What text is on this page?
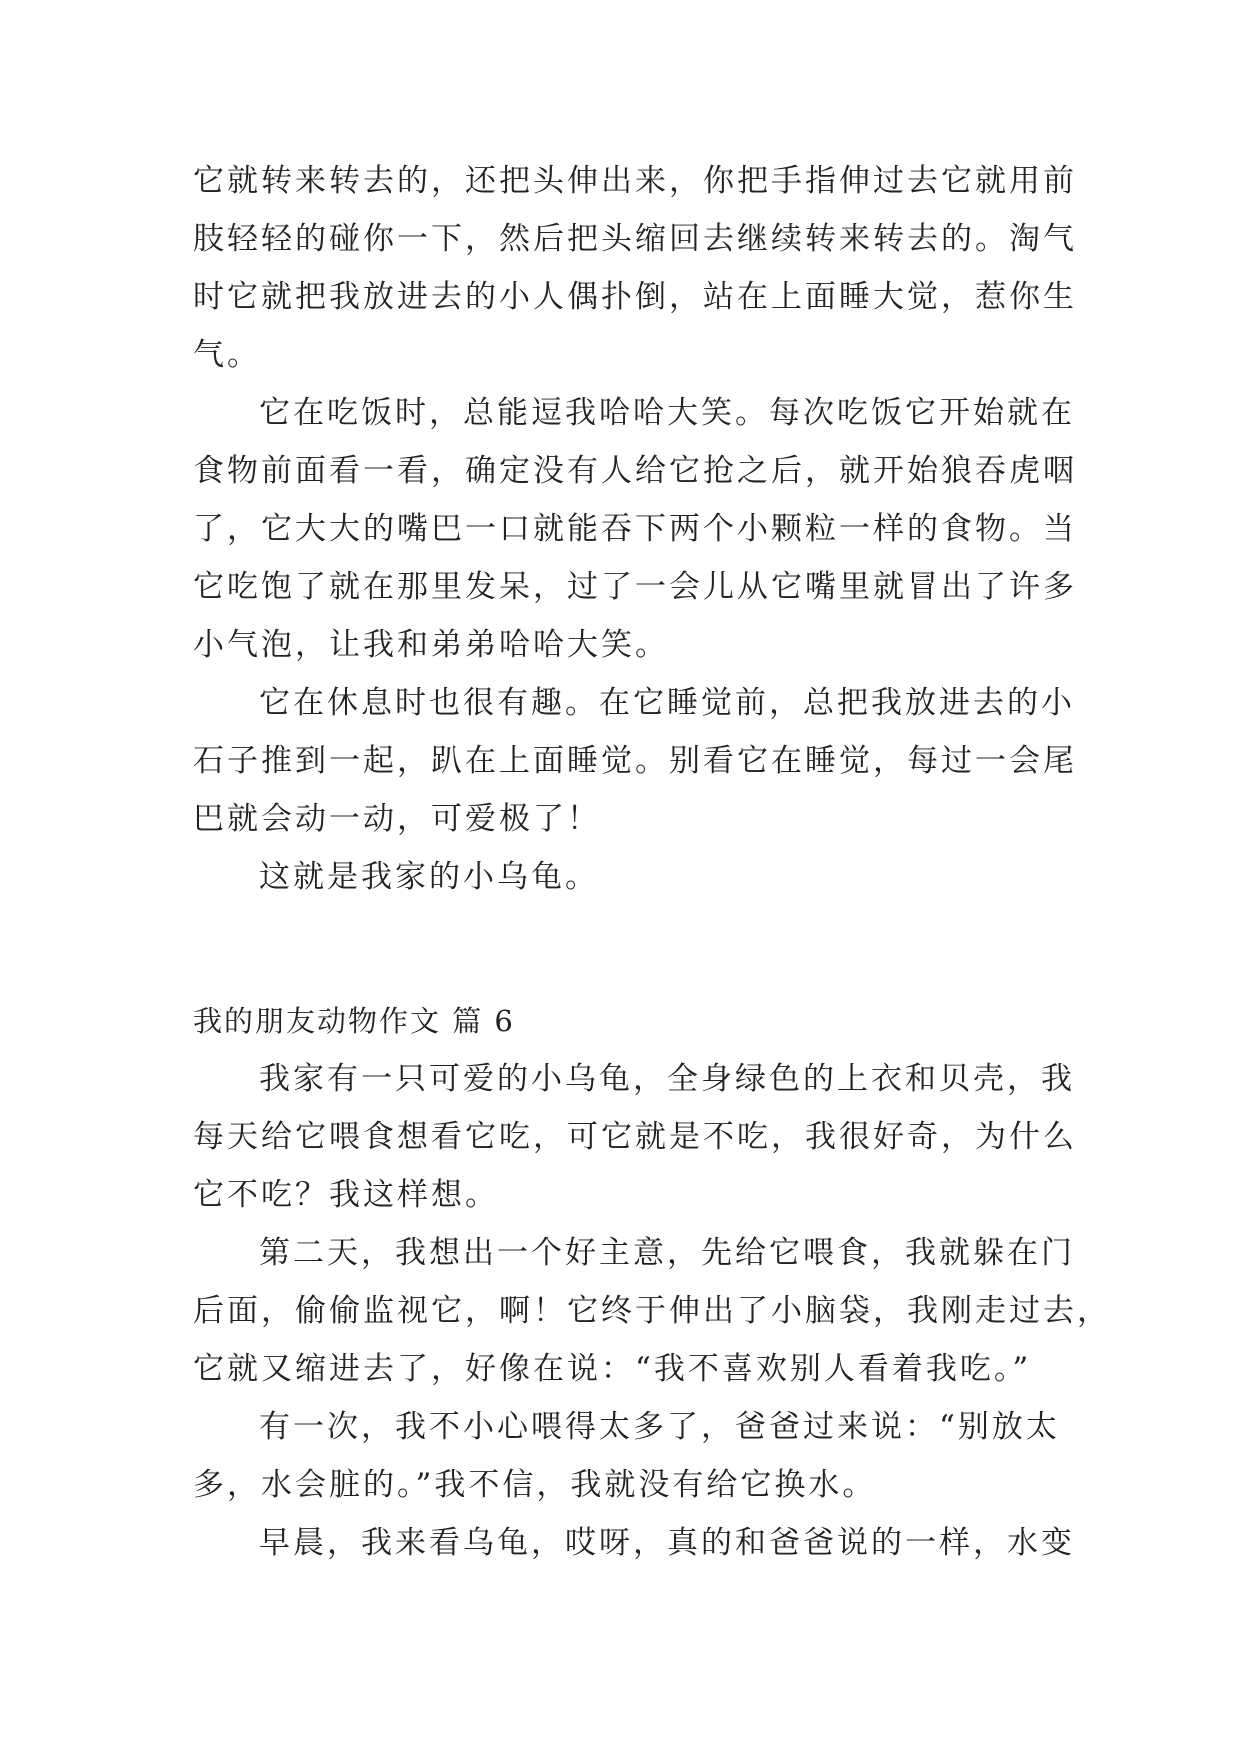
它就转来转去的，还把头伸出来，你把手指伸过去它就用前
肢轻轻的碰你一下，然后把头缩回去继续转来转去的。淘气
时它就把我放进去的小人偶扑倒，站在上面睡大觉，惹你生
气。
它在吃饭时，总能逗我哈哈大笑。每次吃饭它开始就在
食物前面看一看，确定没有人给它抢之后，就开始狼吞虎咽
了，它大大的嘴巴一口就能吞下两个小颗粒一样的食物。当
它吃饱了就在那里发呆，过了一会儿从它嘴里就冒出了许多
小气泡，让我和弟弟哈哈大笑。
它在休息时也很有趣。在它睡觉前，总把我放进去的小
石子推到一起，趴在上面睡觉。别看它在睡觉，每过一会尾
巴就会动一动，可爱极了！
这就是我家的小乌龟。
我的朋友动物作文 篇 6
我家有一只可爱的小乌龟，全身绿色的上衣和贝壳，我
每天给它喂食想看它吃，可它就是不吃，我很好奇，为什么
它不吃？我这样想。
第二天，我想出一个好主意，先给它喂食，我就躲在门
后面，偷偷监视它，啊！它终于伸出了小脑袋，我刚走过去，
它就又缩进去了，好像在说：“我不喜欢别人看着我吃。”
有一次，我不小心喂得太多了，爸爸过来说：“别放太
多，水会脏的。”我不信，我就没有给它换水。
早晨，我来看乌龟，哎呀，真的和爸爸说的一样，水变
